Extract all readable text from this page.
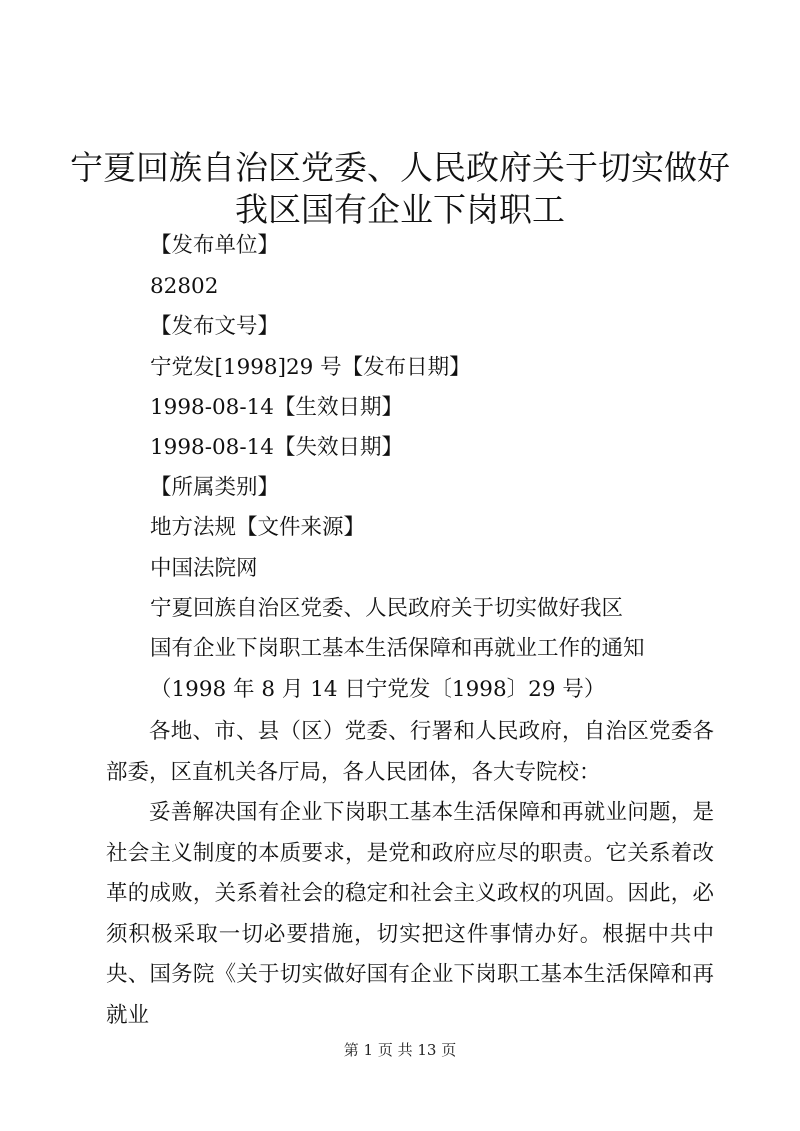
宁夏回族自治区党委、人民政府关于切实做好
我区国有企业下岗职工

【发布单位】

82802

【发布文号】

宁党发[1998]29 号【发布日期】

1998-08-14【生效日期】

1998-08-14【失效日期】

【所属类别】

地方法规【文件来源】

中国法院网

宁夏回族自治区党委、人民政府关于切实做好我区

国有企业下岗职工基本生活保障和再就业工作的通知

（1998 年 8 月 14 日宁党发〔1998〕29 号）

各地、市、县（区）党委、行署和人民政府，自治区党委各部委，区直机关各厅局，各人民团体，各大专院校：

妥善解决国有企业下岗职工基本生活保障和再就业问题，是社会主义制度的本质要求，是党和政府应尽的职责。它关系着改革的成败，关系着社会的稳定和社会主义政权的巩固。因此，必须积极采取一切必要措施，切实把这件事情办好。根据中共中央、国务院《关于切实做好国有企业下岗职工基本生活保障和再就业

第 1 页 共 13 页
